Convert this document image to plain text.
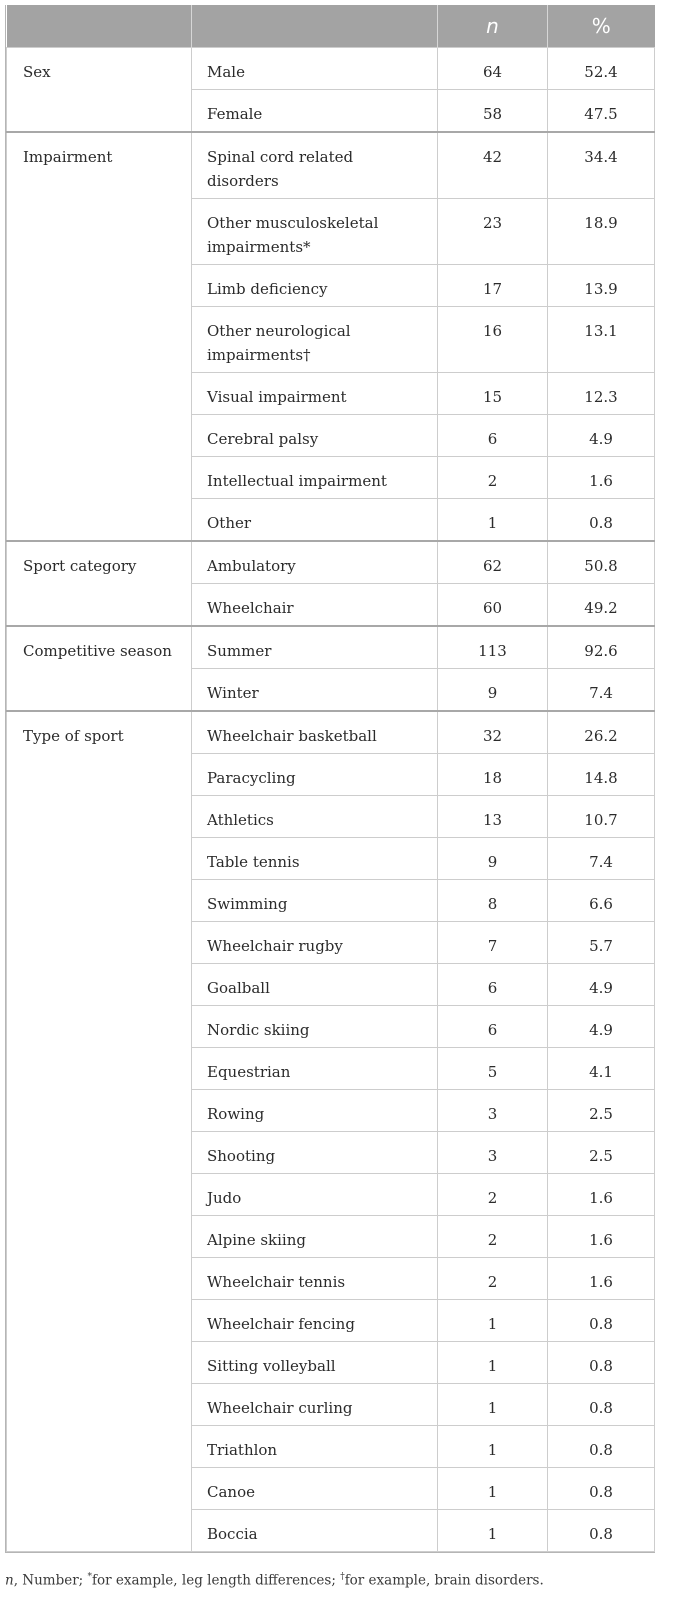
		n	%
Sex	Male	64	52.4
	Female	58	47.5
Impairment	Spinal cord related disorders	42	34.4
	Other musculoskeletal impairments*	23	18.9
	Limb deficiency	17	13.9
	Other neurological impairments†	16	13.1
	Visual impairment	15	12.3
	Cerebral palsy	6	4.9
	Intellectual impairment	2	1.6
	Other	1	0.8
Sport category	Ambulatory	62	50.8
	Wheelchair	60	49.2
Competitive season	Summer	113	92.6
	Winter	9	7.4
Type of sport	Wheelchair basketball	32	26.2
	Paracycling	18	14.8
	Athletics	13	10.7
	Table tennis	9	7.4
	Swimming	8	6.6
	Wheelchair rugby	7	5.7
	Goalball	6	4.9
	Nordic skiing	6	4.9
	Equestrian	5	4.1
	Rowing	3	2.5
	Shooting	3	2.5
	Judo	2	1.6
	Alpine skiing	2	1.6
	Wheelchair tennis	2	1.6
	Wheelchair fencing	1	0.8
	Sitting volleyball	1	0.8
	Wheelchair curling	1	0.8
	Triathlon	1	0.8
	Canoe	1	0.8
	Boccia	1	0.8
n, Number; *for example, leg length differences; †for example, brain disorders.
